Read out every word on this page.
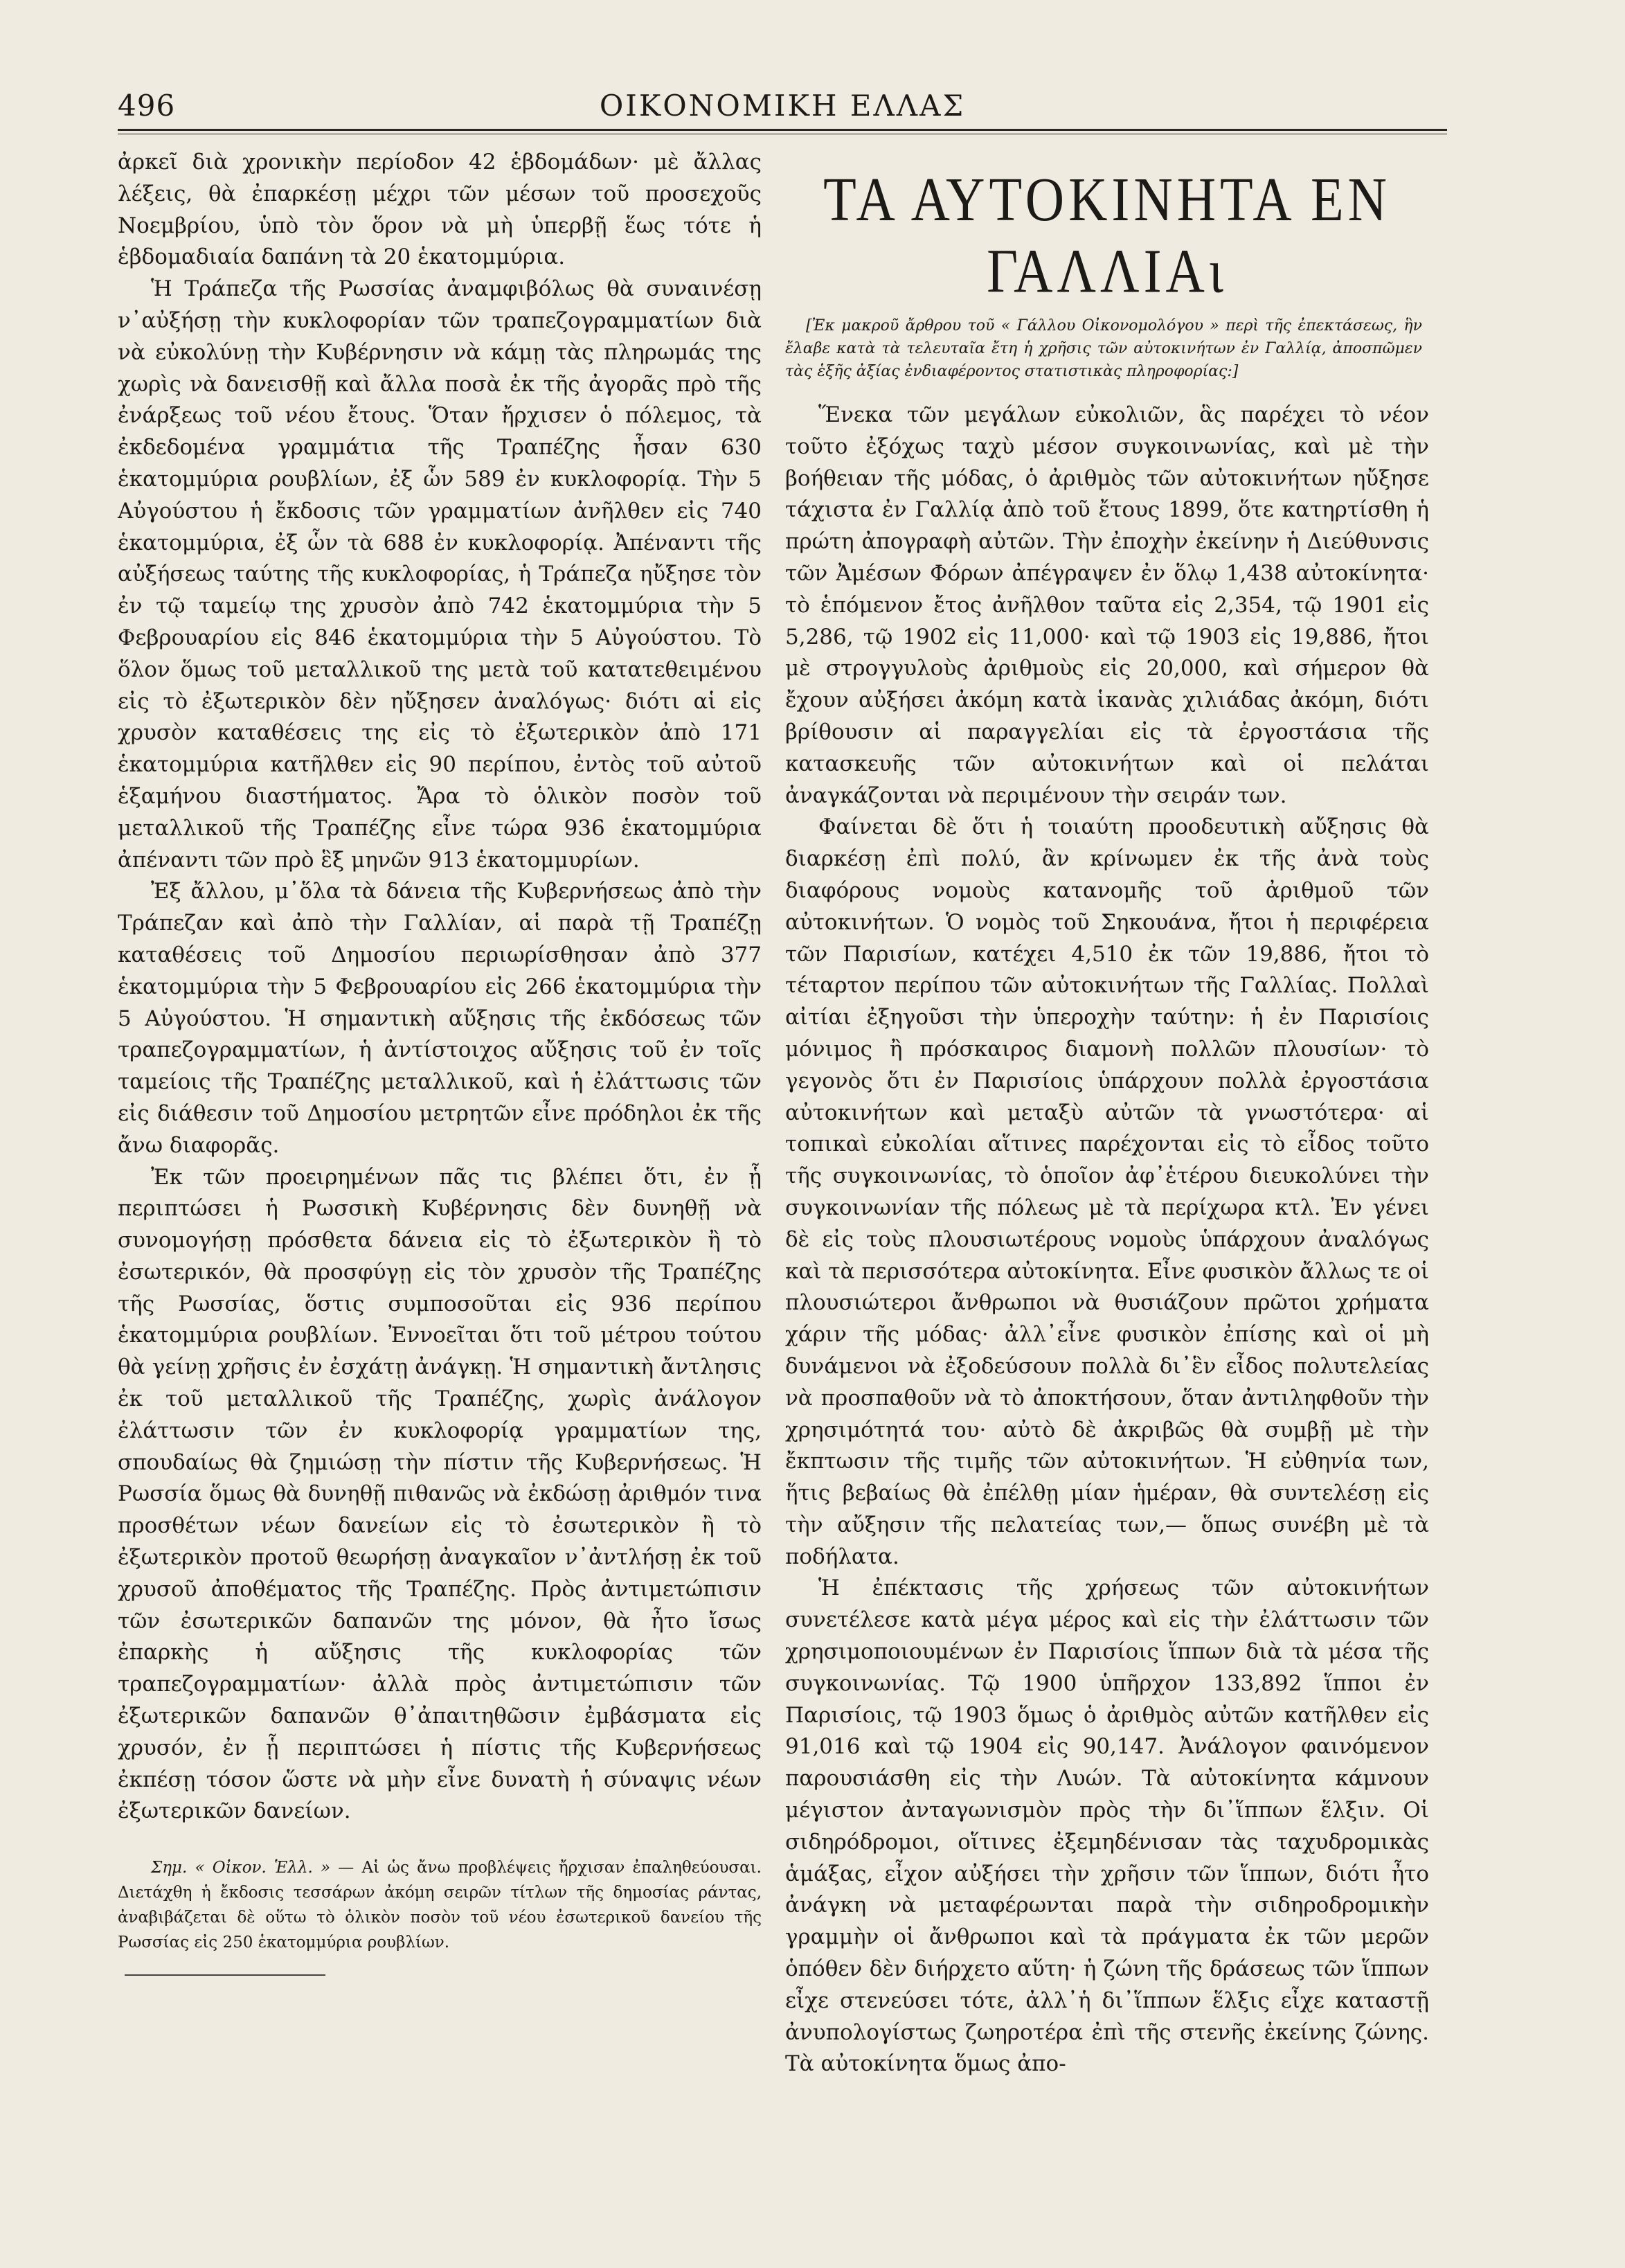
496	ΟΙΚΟΝΟΜΙΚΗ ΕΛΛΑΣ

ἀρκεῖ διὰ χρονικὴν περίοδον 42 ἑβδομάδων· μὲ ἄλλας λέξεις, θὰ ἐπαρκέσῃ μέχρι τῶν μέσων τοῦ προσεχοῦς Νοεμβρίου, ὑπὸ τὸν ὅρον νὰ μὴ ὑπερβῇ ἕως τότε ἡ ἑβδομαδιαία δαπάνη τὰ 20 ἑκατομμύρια.

Ἡ Τράπεζα τῆς Ρωσσίας ἀναμφιβόλως θὰ συναινέσῃ ν᾿αὐξήσῃ τὴν κυκλοφορίαν τῶν τραπεζογραμματίων διὰ νὰ εὐκολύνῃ τὴν Κυβέρνησιν νὰ κάμῃ τὰς πληρωμάς της χωρὶς νὰ δανεισθῇ καὶ ἄλλα ποσὰ ἐκ τῆς ἀγορᾶς πρὸ τῆς ἐνάρξεως τοῦ νέου ἔτους. Ὅταν ἤρχισεν ὁ πόλεμος, τὰ ἐκδεδομένα γραμμάτια τῆς Τραπέζης ἦσαν 630 ἑκατομμύρια ρουβλίων, ἐξ ὧν 589 ἐν κυκλοφορίᾳ. Τὴν 5 Αὐγούστου ἡ ἔκδοσις τῶν γραμματίων ἀνῆλθεν εἰς 740 ἑκατομμύρια, ἐξ ὧν τὰ 688 ἐν κυκλοφορίᾳ. Ἀπέναντι τῆς αὐξήσεως ταύτης τῆς κυκλοφορίας, ἡ Τράπεζα ηὔξησε τὸν ἐν τῷ ταμείῳ της χρυσὸν ἀπὸ 742 ἑκατομμύρια τὴν 5 Φεβρουαρίου εἰς 846 ἑκατομμύρια τὴν 5 Αὐγούστου. Τὸ ὅλον ὅμως τοῦ μεταλλικοῦ της μετὰ τοῦ κατατεθειμένου εἰς τὸ ἐξωτερικὸν δὲν ηὔξησεν ἀναλόγως· διότι αἱ εἰς χρυσὸν καταθέσεις της εἰς τὸ ἐξωτερικὸν ἀπὸ 171 ἑκατομμύρια κατῆλθεν εἰς 90 περίπου, ἐντὸς τοῦ αὐτοῦ ἑξαμήνου διαστήματος. Ἄρα τὸ ὁλικὸν ποσὸν τοῦ μεταλλικοῦ τῆς Τραπέζης εἶνε τώρα 936 ἑκατομμύρια ἀπέναντι τῶν πρὸ ἓξ μηνῶν 913 ἑκατομμυρίων.

Ἐξ ἄλλου, μ᾿ὅλα τὰ δάνεια τῆς Κυβερνήσεως ἀπὸ τὴν Τράπεζαν καὶ ἀπὸ τὴν Γαλλίαν, αἱ παρὰ τῇ Τραπέζῃ καταθέσεις τοῦ Δημοσίου περιωρίσθησαν ἀπὸ 377 ἑκατομμύρια τὴν 5 Φεβρουαρίου εἰς 266 ἑκατομμύρια τὴν 5 Αὐγούστου. Ἡ σημαντικὴ αὔξησις τῆς ἐκδόσεως τῶν τραπεζογραμματίων, ἡ ἀντίστοιχος αὔξησις τοῦ ἐν τοῖς ταμείοις τῆς Τραπέζης μεταλλικοῦ, καὶ ἡ ἐλάττωσις τῶν εἰς διάθεσιν τοῦ Δημοσίου μετρητῶν εἶνε πρόδηλοι ἐκ τῆς ἄνω διαφορᾶς.

Ἐκ τῶν προειρημένων πᾶς τις βλέπει ὅτι, ἐν ᾗ περιπτώσει ἡ Ρωσσικὴ Κυβέρνησις δὲν δυνηθῇ νὰ συνομογήσῃ πρόσθετα δάνεια εἰς τὸ ἐξωτερικὸν ἢ τὸ ἐσωτερικόν, θὰ προσφύγῃ εἰς τὸν χρυσὸν τῆς Τραπέζης τῆς Ρωσσίας, ὅστις συμποσοῦται εἰς 936 περίπου ἑκατομμύρια ρουβλίων. Ἐννοεῖται ὅτι τοῦ μέτρου τούτου θὰ γείνῃ χρῆσις ἐν ἐσχάτῃ ἀνάγκῃ. Ἡ σημαντικὴ ἄντλησις ἐκ τοῦ μεταλλικοῦ τῆς Τραπέζης, χωρὶς ἀνάλογον ἐλάττωσιν τῶν ἐν κυκλοφορίᾳ γραμματίων της, σπουδαίως θὰ ζημιώσῃ τὴν πίστιν τῆς Κυβερνήσεως. Ἡ Ρωσσία ὅμως θὰ δυνηθῇ πιθανῶς νὰ ἐκδώσῃ ἀριθμόν τινα προσθέτων νέων δανείων εἰς τὸ ἐσωτερικὸν ἢ τὸ ἐξωτερικὸν προτοῦ θεωρήσῃ ἀναγκαῖον ν᾿ἀντλήσῃ ἐκ τοῦ χρυσοῦ ἀποθέματος τῆς Τραπέζης. Πρὸς ἀντιμετώπισιν τῶν ἐσωτερικῶν δαπανῶν της μόνον, θὰ ἦτο ἴσως ἐπαρκὴς ἡ αὔξησις τῆς κυκλοφορίας τῶν τραπεζογραμματίων· ἀλλὰ πρὸς ἀντιμετώπισιν τῶν ἐξωτερικῶν δαπανῶν θ᾿ἀπαιτηθῶσιν ἐμβάσματα εἰς χρυσόν, ἐν ᾗ περιπτώσει ἡ πίστις τῆς Κυβερνήσεως ἐκπέσῃ τόσον ὥστε νὰ μὴν εἶνε δυνατὴ ἡ σύναψις νέων ἐξωτερικῶν δανείων.

Σημ. « Οἰκον. Ἑλλ. » — Αἱ ὡς ἄνω προβλέψεις ἤρχισαν ἐπαληθεύουσαι. Διετάχθη ἡ ἔκδοσις τεσσάρων ἀκόμη σειρῶν τίτλων τῆς δημοσίας ράντας, ἀναβιβάζεται δὲ οὕτω τὸ ὁλικὸν ποσὸν τοῦ νέου ἐσωτερικοῦ δανείου τῆς Ρωσσίας εἰς 250 ἑκατομμύρια ρουβλίων.
ΤΑ ΑΥΤΟΚΙΝΗΤΑ ΕΝ ΓΑΛΛΙΑι
[Ἐκ μακροῦ ἄρθρου τοῦ « Γάλλου Οἰκονομολόγου » περὶ τῆς ἐπεκτάσεως, ἣν ἔλαβε κατὰ τὰ τελευταῖα ἔτη ἡ χρῆσις τῶν αὐτοκινήτων ἐν Γαλλίᾳ, ἀποσπῶμεν τὰς ἑξῆς ἀξίας ἐνδιαφέροντος στατιστικὰς πληροφορίας:]

Ἕνεκα τῶν μεγάλων εὐκολιῶν, ἃς παρέχει τὸ νέον τοῦτο ἐξόχως ταχὺ μέσον συγκοινωνίας, καὶ μὲ τὴν βοήθειαν τῆς μόδας, ὁ ἀριθμὸς τῶν αὐτοκινήτων ηὔξησε τάχιστα ἐν Γαλλίᾳ ἀπὸ τοῦ ἔτους 1899, ὅτε κατηρτίσθη ἡ πρώτη ἀπογραφὴ αὐτῶν. Τὴν ἐποχὴν ἐκείνην ἡ Διεύθυνσις τῶν Ἀμέσων Φόρων ἀπέγραψεν ἐν ὅλῳ 1,438 αὐτοκίνητα· τὸ ἑπόμενον ἔτος ἀνῆλθον ταῦτα εἰς 2,354, τῷ 1901 εἰς 5,286, τῷ 1902 εἰς 11,000· καὶ τῷ 1903 εἰς 19,886, ἤτοι μὲ στρογγυλοὺς ἀριθμοὺς εἰς 20,000, καὶ σήμερον θὰ ἔχουν αὐξήσει ἀκόμη κατὰ ἱκανὰς χιλιάδας ἀκόμη, διότι βρίθουσιν αἱ παραγγελίαι εἰς τὰ ἐργοστάσια τῆς κατασκευῆς τῶν αὐτοκινήτων καὶ οἱ πελάται ἀναγκάζονται νὰ περιμένουν τὴν σειράν των.

Φαίνεται δὲ ὅτι ἡ τοιαύτη προοδευτικὴ αὔξησις θὰ διαρκέσῃ ἐπὶ πολύ, ἂν κρίνωμεν ἐκ τῆς ἀνὰ τοὺς διαφόρους νομοὺς κατανομῆς τοῦ ἀριθμοῦ τῶν αὐτοκινήτων. Ὁ νομὸς τοῦ Σηκουάνα, ἤτοι ἡ περιφέρεια τῶν Παρισίων, κατέχει 4,510 ἐκ τῶν 19,886, ἤτοι τὸ τέταρτον περίπου τῶν αὐτοκινήτων τῆς Γαλλίας. Πολλαὶ αἰτίαι ἐξηγοῦσι τὴν ὑπεροχὴν ταύτην: ἡ ἐν Παρισίοις μόνιμος ἢ πρόσκαιρος διαμονὴ πολλῶν πλουσίων· τὸ γεγονὸς ὅτι ἐν Παρισίοις ὑπάρχουν πολλὰ ἐργοστάσια αὐτοκινήτων καὶ μεταξὺ αὐτῶν τὰ γνωστότερα· αἱ τοπικαὶ εὐκολίαι αἵτινες παρέχονται εἰς τὸ εἶδος τοῦτο τῆς συγκοινωνίας, τὸ ὁποῖον ἀφ᾿ἑτέρου διευκολύνει τὴν συγκοινωνίαν τῆς πόλεως μὲ τὰ περίχωρα κτλ. Ἐν γένει δὲ εἰς τοὺς πλουσιωτέρους νομοὺς ὑπάρχουν ἀναλόγως καὶ τὰ περισσότερα αὐτοκίνητα. Εἶνε φυσικὸν ἄλλως τε οἱ πλουσιώτεροι ἄνθρωποι νὰ θυσιάζουν πρῶτοι χρήματα χάριν τῆς μόδας· ἀλλ᾿εἶνε φυσικὸν ἐπίσης καὶ οἱ μὴ δυνάμενοι νὰ ἐξοδεύσουν πολλὰ δι᾿ἓν εἶδος πολυτελείας νὰ προσπαθοῦν νὰ τὸ ἀποκτήσουν, ὅταν ἀντιληφθοῦν τὴν χρησιμότητά του· αὐτὸ δὲ ἀκριβῶς θὰ συμβῇ μὲ τὴν ἔκπτωσιν τῆς τιμῆς τῶν αὐτοκινήτων. Ἡ εὐθηνία των, ἥτις βεβαίως θὰ ἐπέλθῃ μίαν ἡμέραν, θὰ συντελέσῃ εἰς τὴν αὔξησιν τῆς πελατείας των,— ὅπως συνέβη μὲ τὰ ποδήλατα.

Ἡ ἐπέκτασις τῆς χρήσεως τῶν αὐτοκινήτων συνετέλεσε κατὰ μέγα μέρος καὶ εἰς τὴν ἐλάττωσιν τῶν χρησιμοποιουμένων ἐν Παρισίοις ἵππων διὰ τὰ μέσα τῆς συγκοινωνίας. Τῷ 1900 ὑπῆρχον 133,892 ἵπποι ἐν Παρισίοις, τῷ 1903 ὅμως ὁ ἀριθμὸς αὐτῶν κατῆλθεν εἰς 91,016 καὶ τῷ 1904 εἰς 90,147. Ἀνάλογον φαινόμενον παρουσιάσθη εἰς τὴν Λυών. Τὰ αὐτοκίνητα κάμνουν μέγιστον ἀνταγωνισμὸν πρὸς τὴν δι᾿ἵππων ἕλξιν. Οἱ σιδηρόδρομοι, οἵτινες ἐξεμηδένισαν τὰς ταχυδρομικὰς ἁμάξας, εἶχον αὐξήσει τὴν χρῆσιν τῶν ἵππων, διότι ἦτο ἀνάγκη νὰ μεταφέρωνται παρὰ τὴν σιδηροδρομικὴν γραμμὴν οἱ ἄνθρωποι καὶ τὰ πράγματα ἐκ τῶν μερῶν ὁπόθεν δὲν διήρχετο αὕτη· ἡ ζώνη τῆς δράσεως τῶν ἵππων εἶχε στενεύσει τότε, ἀλλ᾿ἡ δι᾿ἵππων ἕλξις εἶχε καταστῇ ἀνυπολογίστως ζωηροτέρα ἐπὶ τῆς στενῆς ἐκείνης ζώνης. Τὰ αὐτοκίνητα ὅμως ἀπο-
